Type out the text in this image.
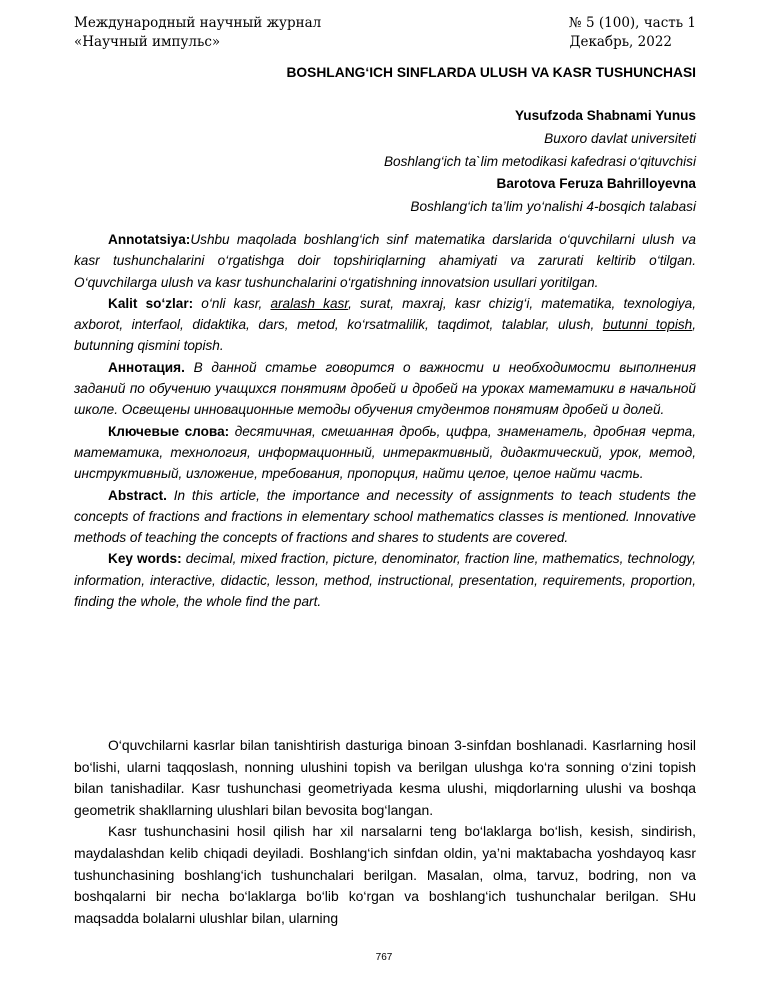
Международный научный журнал
«Научный импульс»
№ 5 (100), часть 1
Декабрь, 2022
BOSHLANG‘ICH SINFLARDA ULUSH VA KASR TUSHUNCHASI
Yusufzoda Shabnami Yunus
Buxoro davlat universiteti
Boshlang‘ich ta`lim metodikasi kafedrasi o‘qituvchisi
Barotova Feruza Bahrilloyevna
Boshlang‘ich ta’lim yo‘nalishi 4-bosqich talabasi

Annotatsiya:Ushbu maqolada boshlang‘ich sinf matematika darslarida o‘quvchilarni ulush va kasr tushunchalarini o‘rgatishga doir topshiriqlarning ahamiyati va zarurati keltirib o‘tilgan. O‘quvchilarga ulush va kasr tushunchalarini o‘rgatishning innovatsion usullari yoritilgan.

Kalit so‘zlar: o‘nli kasr, aralash kasr, surat, maxraj, kasr chizig‘i, matematika, texnologiya, axborot, interfaol, didaktika, dars, metod, ko‘rsatmalilik, taqdimot, talablar, ulush, butunni topish, butunning qismini topish.

Аннотация. В данной статье говорится о важности и необходимости выполнения заданий по обучению учащихся понятиям дробей и дробей на уроках математики в начальной школе. Освещены инновационные методы обучения студентов понятиям дробей и долей.

Ключевые слова: десятичная, смешанная дробь, цифра, знаменатель, дробная черта, математика, технология, информационный, интерактивный, дидактический, урок, метод, инструктивный, изложение, требования, пропорция, найти целое, целое найти часть.

Abstract. In this article, the importance and necessity of assignments to teach students the concepts of fractions and fractions in elementary school mathematics classes is mentioned. Innovative methods of teaching the concepts of fractions and shares to students are covered.

Key words: decimal, mixed fraction, picture, denominator, fraction line, mathematics, technology, information, interactive, didactic, lesson, method, instructional, presentation, requirements, proportion, finding the whole, the whole find the part.

O‘quvchilarni kasrlar bilan tanishtirish dasturiga binoan 3-sinfdan boshlanadi. Kasrlarning hosil bo‘lishi, ularni taqqoslash, nonning ulushini topish va berilgan ulushga ko‘ra sonning o‘zini topish bilan tanishadilar. Kasr tushunchasi geometriyada kesma ulushi, miqdorlarning ulushi va boshqa geometrik shakllarning ulushlari bilan bevosita bog‘langan.

Kasr tushunchasini hosil qilish har xil narsalarni teng bo‘laklarga bo‘lish, kesish, sindirish, maydalashdan kelib chiqadi deyiladi. Boshlang‘ich sinfdan oldin, ya’ni maktabacha yoshdayoq kasr tushunchasining boshlang‘ich tushunchalari berilgan. Masalan, olma, tarvuz, bodring, non va boshqalarni bir necha bo‘laklarga bo‘lib ko‘rgan va boshlang‘ich tushunchalar berilgan. SHu maqsadda bolalarni ulushlar bilan, ularning

767
